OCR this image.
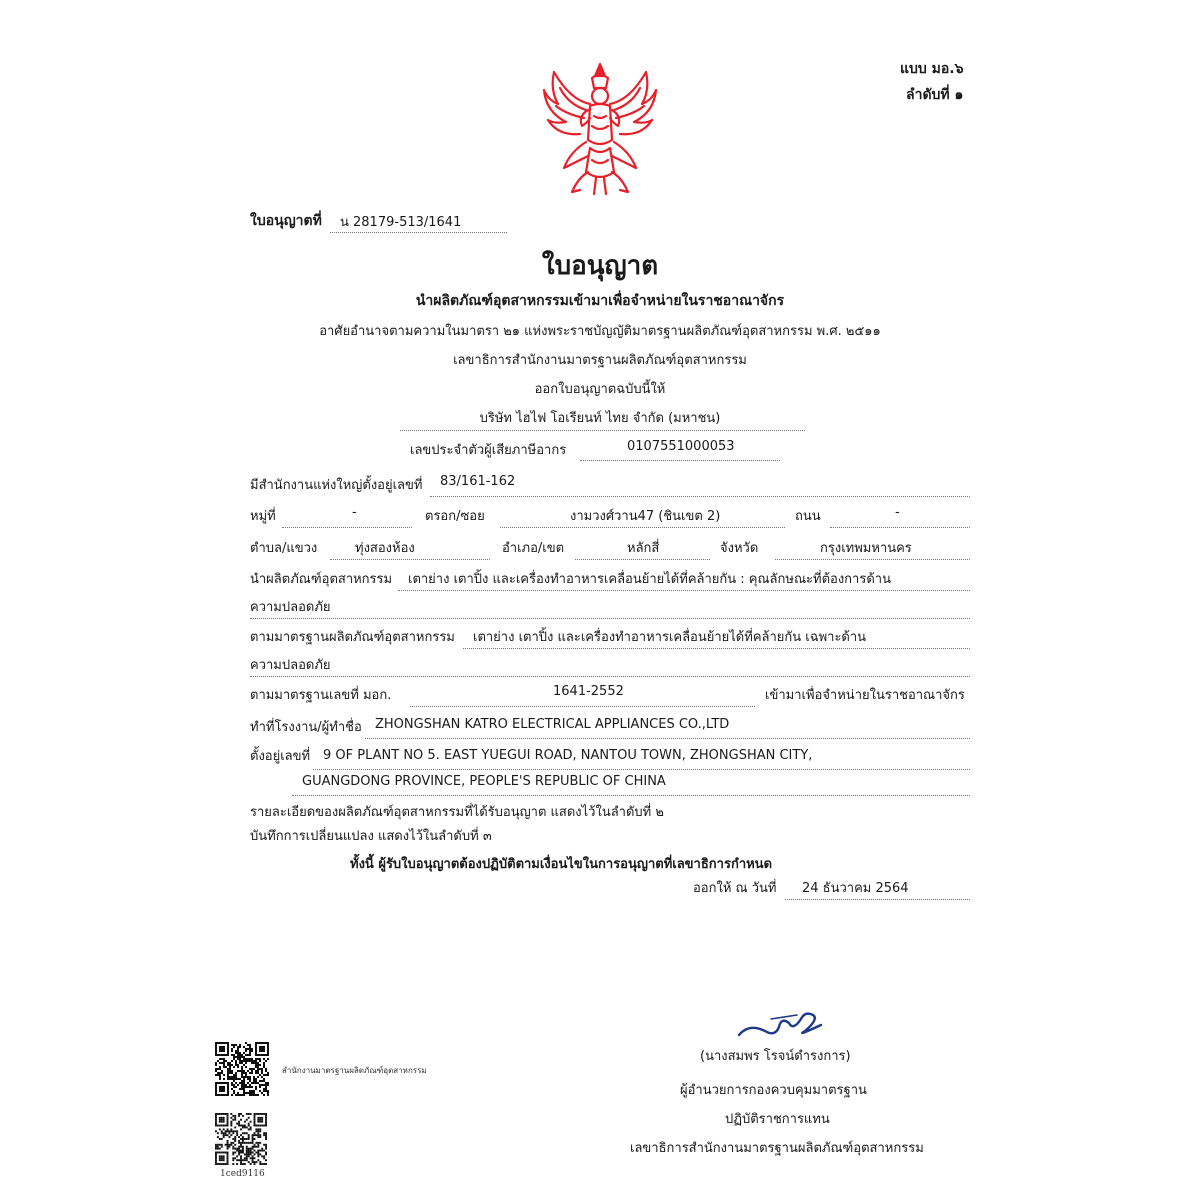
แบบ มอ.๖
ลำดับที่ ๑
ใบอนุญาตที่ น 28179-513/1641
ใบอนุญาต
นำผลิตภัณฑ์อุตสาหกรรมเข้ามาเพื่อจำหน่ายในราชอาณาจักร
อาศัยอำนาจตามความในมาตรา ๒๑ แห่งพระราชบัญญัติมาตรฐานผลิตภัณฑ์อุตสาหกรรม พ.ศ. ๒๕๑๑
เลขาธิการสำนักงานมาตรฐานผลิตภัณฑ์อุตสาหกรรม
ออกใบอนุญาตฉบับนี้ให้
บริษัท ไฮไฟ โอเรียนท์ ไทย จำกัด (มหาชน)
เลขประจำตัวผู้เสียภาษีอากร	0107551000053
มีสำนักงานแห่งใหญ่ตั้งอยู่เลขที่ 83/161-162
หมู่ที่	-	ตรอก/ซอย	งามวงศ์วาน47 (ชินเขต 2)	ถนน	-
ตำบล/แขวง	ทุ่งสองห้อง	อำเภอ/เขต	หลักสี่	จังหวัด	กรุงเทพมหานคร
นำผลิตภัณฑ์อุตสาหกรรม เตาย่าง เตาปิ้ง และเครื่องทำอาหารเคลื่อนย้ายได้ที่คล้ายกัน : คุณลักษณะที่ต้องการด้าน
ความปลอดภัย
ตามมาตรฐานผลิตภัณฑ์อุตสาหกรรม เตาย่าง เตาปิ้ง และเครื่องทำอาหารเคลื่อนย้ายได้ที่คล้ายกัน เฉพาะด้าน
ความปลอดภัย
ตามมาตรฐานเลขที่ มอก.	1641-2552	เข้ามาเพื่อจำหน่ายในราชอาณาจักร
ทำที่โรงงาน/ผู้ทำชื่อ ZHONGSHAN KATRO ELECTRICAL APPLIANCES CO.,LTD
ตั้งอยู่เลขที่ 9 OF PLANT NO 5. EAST YUEGUI ROAD, NANTOU TOWN, ZHONGSHAN CITY,
GUANGDONG PROVINCE, PEOPLE'S REPUBLIC OF CHINA
รายละเอียดของผลิตภัณฑ์อุตสาหกรรมที่ได้รับอนุญาต แสดงไว้ในลำดับที่ ๒
บันทึกการเปลี่ยนแปลง แสดงไว้ในลำดับที่ ๓
ทั้งนี้ ผู้รับใบอนุญาตต้องปฏิบัติตามเงื่อนไขในการอนุญาตที่เลขาธิการกำหนด
ออกให้ ณ วันที่ 24 ธันวาคม 2564
(นางสมพร โรจน์ดำรงการ)
ผู้อำนวยการกองควบคุมมาตรฐาน
ปฏิบัติราชการแทน
เลขาธิการสำนักงานมาตรฐานผลิตภัณฑ์อุตสาหกรรม
สำนักงานมาตรฐานผลิตภัณฑ์อุตสาหกรรม
1ced9116
